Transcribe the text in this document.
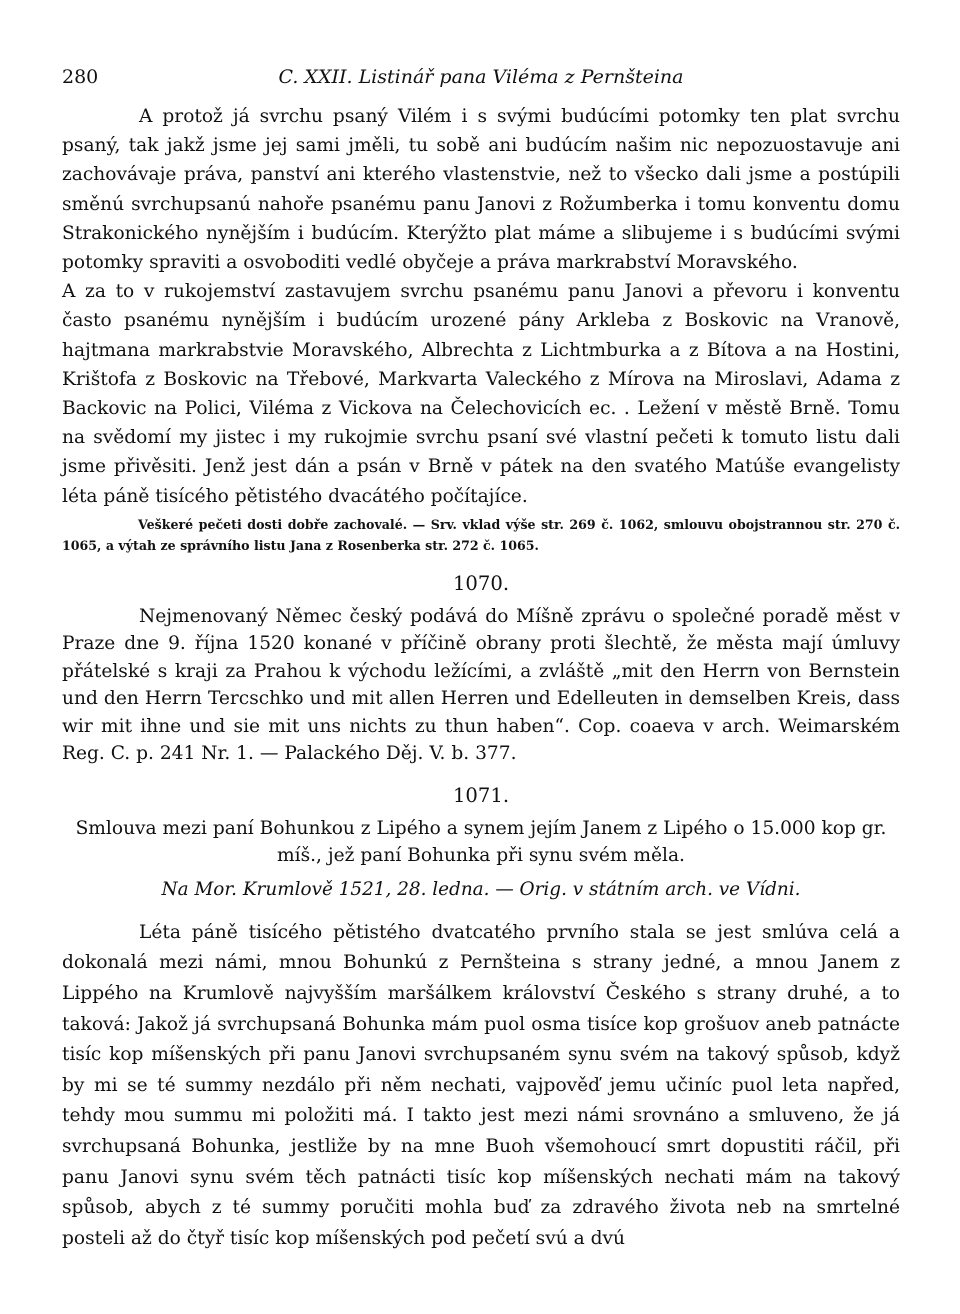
280	C. XXII. Listinář pana Viléma z Pernšteina

A protož já svrchu psaný Vilém i s svými budúcími potomky ten plat svrchu psaný, tak jakž jsme jej sami jměli, tu sobě ani budúcím našim nic nepozuostavuje ani zachovávaje práva, panství ani kterého vlastenstvie, než to všecko dali jsme a postúpili směnú svrchupsanú nahoře psanému panu Janovi z Rožumberka i tomu konventu domu Strakonického nynějším i budúcím. Kterýžto plat máme a slibujeme i s budúcími svými potomky spraviti a osvoboditi vedlé obyčeje a práva markrabství Moravského.

A za to v rukojemství zastavujem svrchu psanému panu Janovi a převoru i konventu často psanému nynějším i budúcím urozené pány Arkleba z Boskovic na Vranově, hajtmana markrabstvie Moravského, Albrechta z Lichtmburka a z Bítova a na Hostini, Krištofa z Boskovic na Třebové, Markvarta Valeckého z Mírova na Miroslavi, Adama z Backovic na Polici, Viléma z Vickova na Čelechovicích ec. . Ležení v městě Brně. Tomu na svědomí my jistec i my rukojmie svrchu psaní své vlastní pečeti k tomuto listu dali jsme přivěsiti. Jenž jest dán a psán v Brně v pátek na den svatého Matúše evangelisty léta páně tisícého pětistého dvacátého počítajíce.

Veškeré pečeti dosti dobře zachovalé. — Srv. vklad výše str. 269 č. 1062, smlouvu obojstrannou str. 270 č. 1065, a výtah ze správního listu Jana z Rosenberka str. 272 č. 1065.

1070.

Nejmenovaný Němec český podává do Míšně zprávu o společné poradě měst v Praze dne 9. října 1520 konané v příčině obrany proti šlechtě, že města mají úmluvy přátelské s kraji za Prahou k východu ležícími, a zvláště „mit den Herrn von Bernstein und den Herrn Tercschko und mit allen Herren und Edelleuten in demselben Kreis, dass wir mit ihne und sie mit uns nichts zu thun haben“. Cop. coaeva v arch. Weimarském Reg. C. p. 241 Nr. 1. — Palackého Děj. V. b. 377.

1071.

Smlouva mezi paní Bohunkou z Lipého a synem jejím Janem z Lipého o 15.000 kop gr. míš., jež paní Bohunka při synu svém měla.

Na Mor. Krumlově 1521, 28. ledna. — Orig. v státním arch. ve Vídni.

Léta páně tisícého pětistého dvatcatého prvního stala se jest smlúva celá a dokonalá mezi námi, mnou Bohunkú z Pernšteina s strany jedné, a mnou Janem z Lippého na Krumlově najvyšším maršálkem království Českého s strany druhé, a to taková: Jakož já svrchupsaná Bohunka mám puol osma tisíce kop grošuov aneb patnácte tisíc kop míšenských při panu Janovi svrchupsaném synu svém na takový spůsob, když by mi se té summy nezdálo při něm nechati, vajpověď jemu učiníc puol leta napřed, tehdy mou summu mi položiti má. I takto jest mezi námi srovnáno a smluveno, že já svrchupsaná Bohunka, jestliže by na mne Buoh všemohoucí smrt dopustiti ráčil, při panu Janovi synu svém těch patnácti tisíc kop míšenských nechati mám na takový spůsob, abych z té summy poručiti mohla buď za zdravého života neb na smrtelné posteli až do čtyř tisíc kop míšenských pod pečetí svú a dvú
